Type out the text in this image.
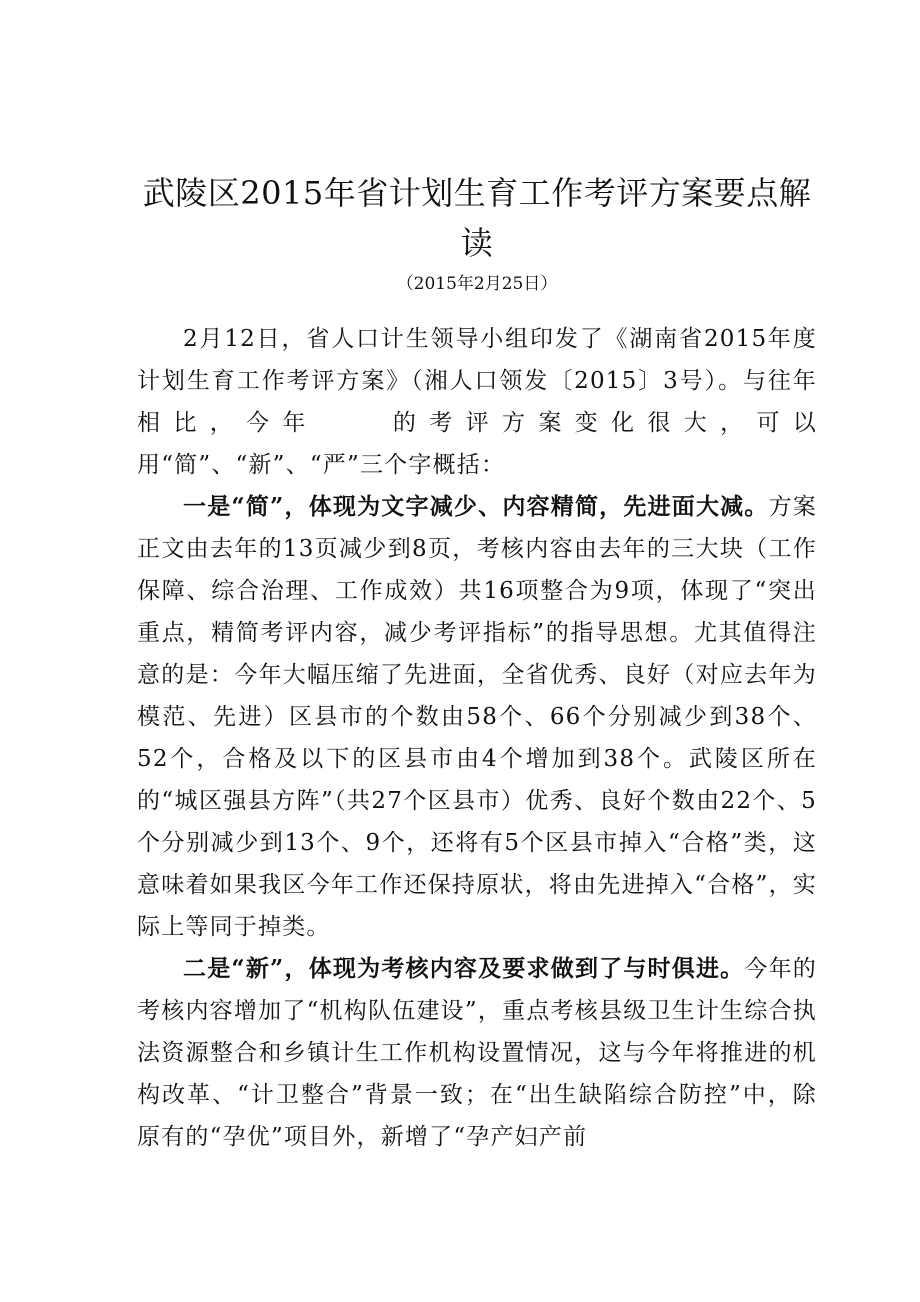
武陵区2015年省计划生育工作考评方案要点解读
（2015年2月25日）

2月12日，省人口计生领导小组印发了《湖南省2015年度计划生育工作考评方案》（湘人口领发〔2015〕3号）。与往年相比，今年	的考评方案变化很大，可以用“简”、“新”、“严”三个字概括：

一是“简”，体现为文字减少、内容精简，先进面大减。方案正文由去年的13页减少到8页，考核内容由去年的三大块（工作保障、综合治理、工作成效）共16项整合为9项，体现了“突出重点，精简考评内容，减少考评指标”的指导思想。尤其值得注意的是：今年大幅压缩了先进面，全省优秀、良好（对应去年为模范、先进）区县市的个数由58个、66个分别减少到38个、52个，合格及以下的区县市由4个增加到38个。武陵区所在的“城区强县方阵”（共27个区县市）优秀、良好个数由22个、5个分别减少到13个、9个，还将有5个区县市掉入“合格”类，这意味着如果我区今年工作还保持原状，将由先进掉入“合格”，实际上等同于掉类。

二是“新”，体现为考核内容及要求做到了与时俱进。今年的考核内容增加了“机构队伍建设”，重点考核县级卫生计生综合执法资源整合和乡镇计生工作机构设置情况，这与今年将推进的机构改革、“计卫整合”背景一致；在“出生缺陷综合防控”中，除原有的“孕优”项目外，新增了“孕产妇产前
